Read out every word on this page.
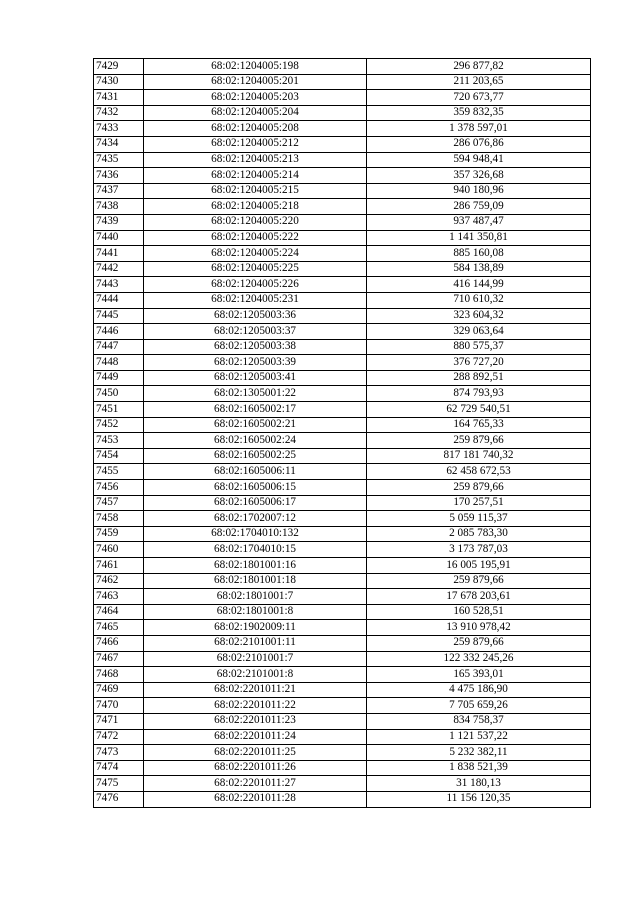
7429	68:02:1204005:198	296 877,82
7430	68:02:1204005:201	211 203,65
7431	68:02:1204005:203	720 673,77
7432	68:02:1204005:204	359 832,35
7433	68:02:1204005:208	1 378 597,01
7434	68:02:1204005:212	286 076,86
7435	68:02:1204005:213	594 948,41
7436	68:02:1204005:214	357 326,68
7437	68:02:1204005:215	940 180,96
7438	68:02:1204005:218	286 759,09
7439	68:02:1204005:220	937 487,47
7440	68:02:1204005:222	1 141 350,81
7441	68:02:1204005:224	885 160,08
7442	68:02:1204005:225	584 138,89
7443	68:02:1204005:226	416 144,99
7444	68:02:1204005:231	710 610,32
7445	68:02:1205003:36	323 604,32
7446	68:02:1205003:37	329 063,64
7447	68:02:1205003:38	880 575,37
7448	68:02:1205003:39	376 727,20
7449	68:02:1205003:41	288 892,51
7450	68:02:1305001:22	874 793,93
7451	68:02:1605002:17	62 729 540,51
7452	68:02:1605002:21	164 765,33
7453	68:02:1605002:24	259 879,66
7454	68:02:1605002:25	817 181 740,32
7455	68:02:1605006:11	62 458 672,53
7456	68:02:1605006:15	259 879,66
7457	68:02:1605006:17	170 257,51
7458	68:02:1702007:12	5 059 115,37
7459	68:02:1704010:132	2 085 783,30
7460	68:02:1704010:15	3 173 787,03
7461	68:02:1801001:16	16 005 195,91
7462	68:02:1801001:18	259 879,66
7463	68:02:1801001:7	17 678 203,61
7464	68:02:1801001:8	160 528,51
7465	68:02:1902009:11	13 910 978,42
7466	68:02:2101001:11	259 879,66
7467	68:02:2101001:7	122 332 245,26
7468	68:02:2101001:8	165 393,01
7469	68:02:2201011:21	4 475 186,90
7470	68:02:2201011:22	7 705 659,26
7471	68:02:2201011:23	834 758,37
7472	68:02:2201011:24	1 121 537,22
7473	68:02:2201011:25	5 232 382,11
7474	68:02:2201011:26	1 838 521,39
7475	68:02:2201011:27	31 180,13
7476	68:02:2201011:28	11 156 120,35
